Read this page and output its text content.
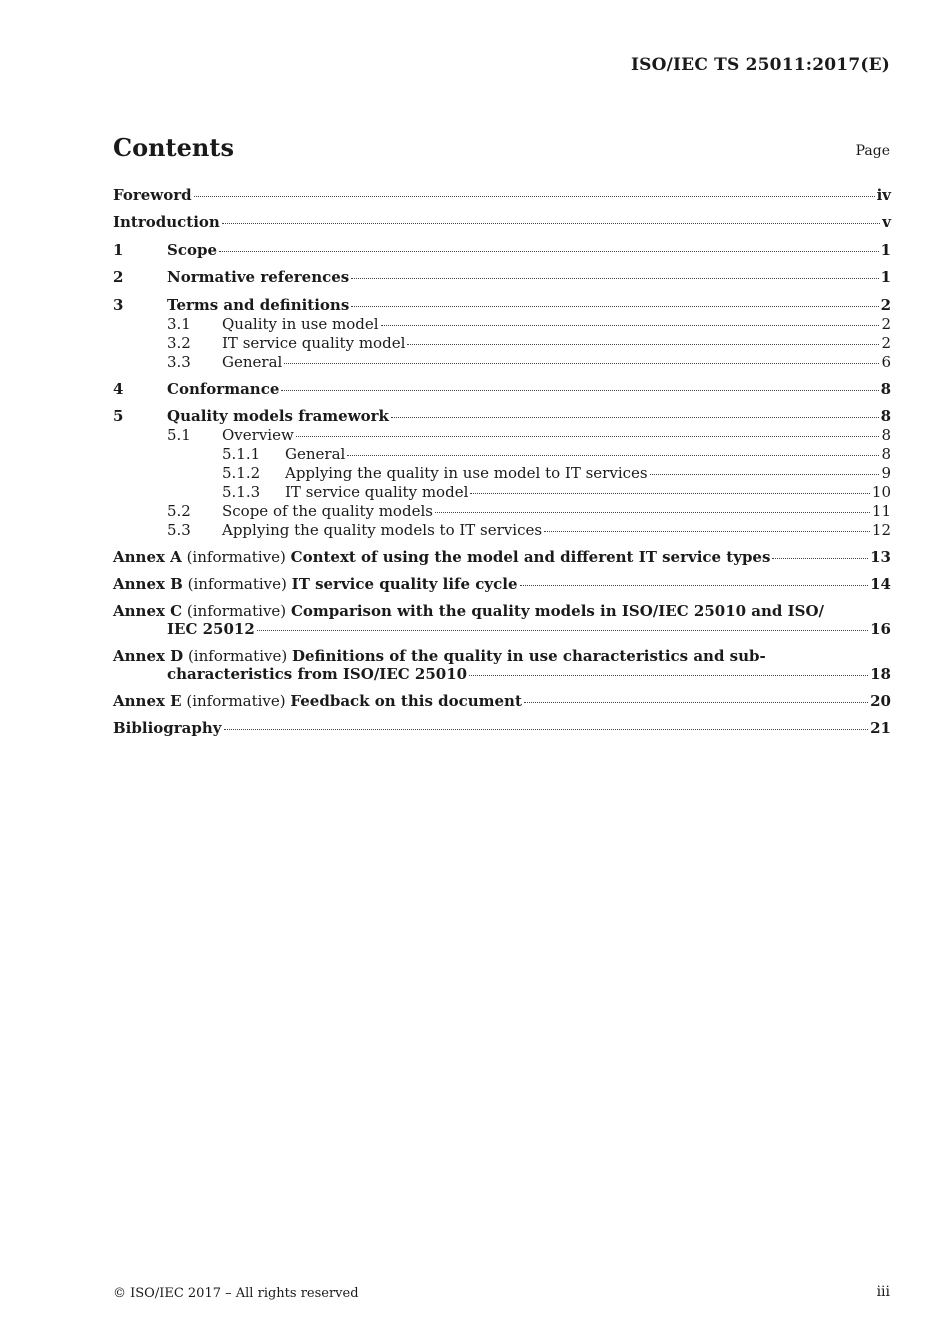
ISO/IEC TS 25011:2017(E)
Contents	Page
Foreword	iv
Introduction	v
1	Scope	1
2	Normative references	1
3	Terms and definitions	2
3.1	Quality in use model	2
3.2	IT service quality model	2
3.3	General	6
4	Conformance	8
5	Quality models framework	8
5.1	Overview	8
5.1.1	General	8
5.1.2	Applying the quality in use model to IT services	9
5.1.3	IT service quality model	10
5.2	Scope of the quality models	11
5.3	Applying the quality models to IT services	12
Annex A (informative) Context of using the model and different IT service types	13
Annex B (informative) IT service quality life cycle	14
Annex C (informative) Comparison with the quality models in ISO/IEC 25010 and ISO/
IEC 25012	16
Annex D (informative) Definitions of the quality in use characteristics and sub-
characteristics from ISO/IEC 25010	18
Annex E (informative) Feedback on this document	20
Bibliography	21
© ISO/IEC 2017 – All rights reserved	iii
